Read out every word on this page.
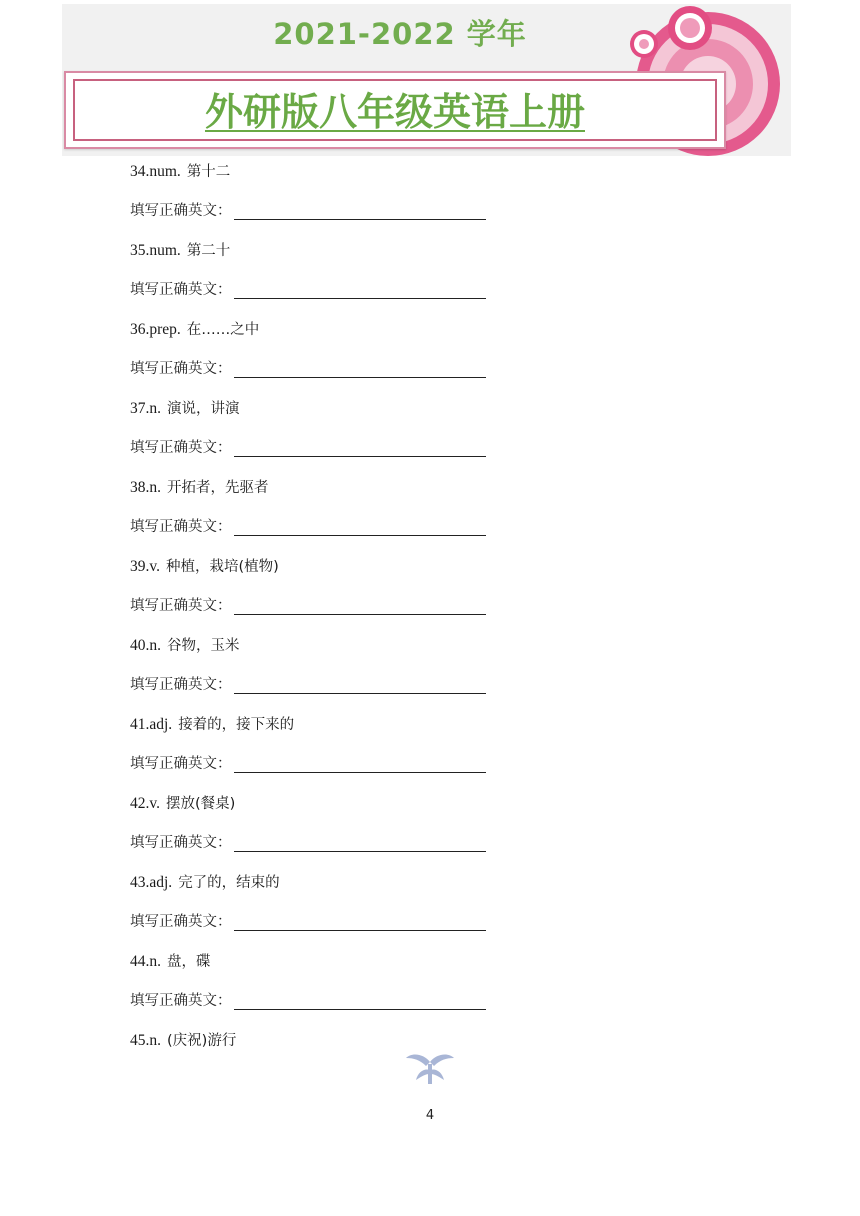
2021-2022 学年
外研版八年级英语上册
34.num. 第十二
填写正确英文：
35.num. 第二十
填写正确英文：
36.prep. 在……之中
填写正确英文：
37.n. 演说，讲演
填写正确英文：
38.n. 开拓者，先驱者
填写正确英文：
39.v. 种植，栽培(植物)
填写正确英文：
40.n. 谷物，玉米
填写正确英文：
41.adj. 接着的，接下来的
填写正确英文：
42.v. 摆放(餐桌)
填写正确英文：
43.adj. 完了的，结束的
填写正确英文：
44.n. 盘，碟
填写正确英文：
45.n. (庆祝)游行
4
